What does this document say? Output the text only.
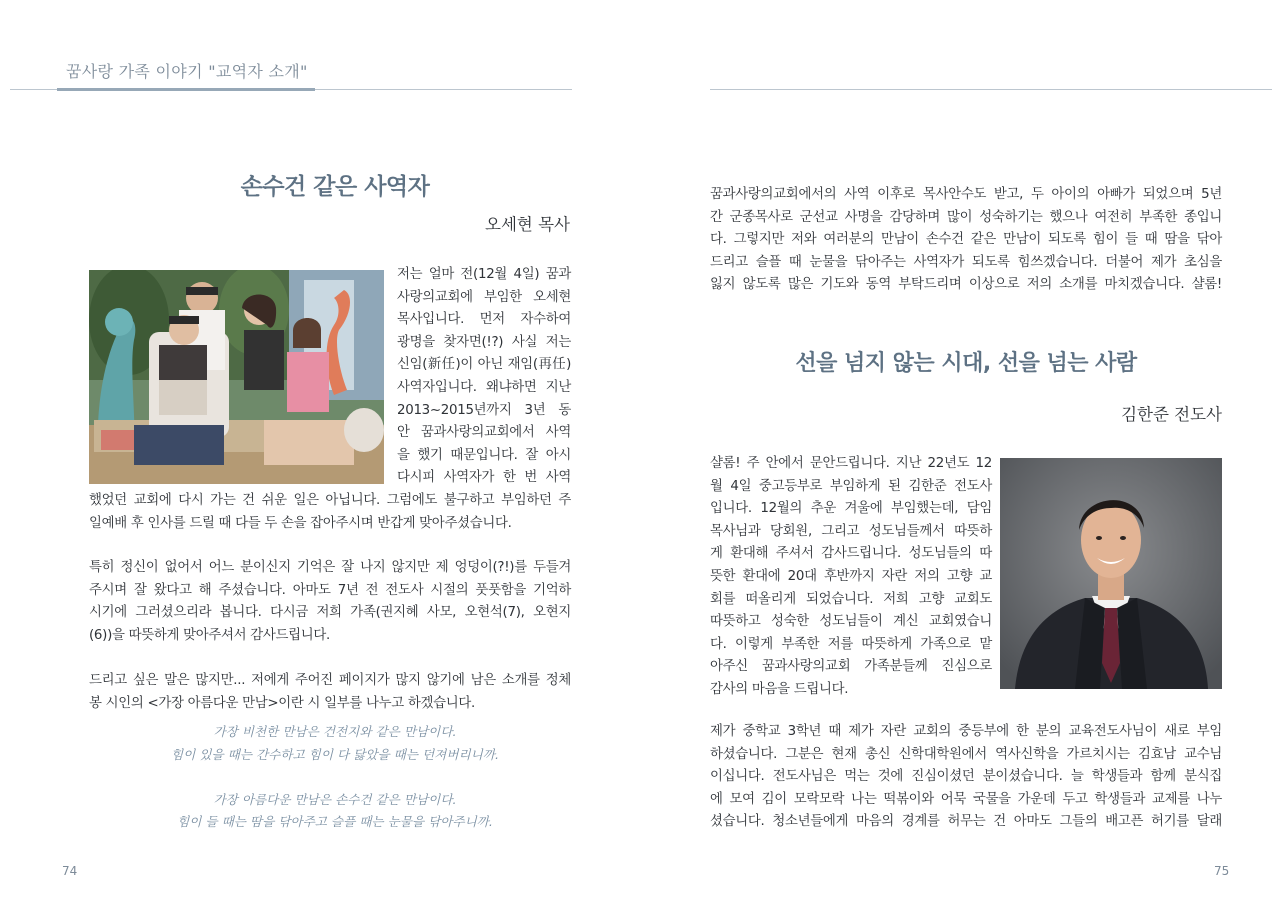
꿈사랑 가족 이야기 "교역자 소개"
손수건 같은 사역자
오세현 목사
저는 얼마 전(12월 4일) 꿈과
사랑의교회에 부임한 오세현
목사입니다. 먼저 자수하여
광명을 찾자면(!?) 사실 저는
신임(新任)이 아닌 재임(再任)
사역자입니다. 왜냐하면 지난
2013~2015년까지 3년 동
안 꿈과사랑의교회에서 사역
을 했기 때문입니다. 잘 아시
다시피 사역자가 한 번 사역
했었던 교회에 다시 가는 건 쉬운 일은 아닙니다. 그럼에도 불구하고 부임하던 주
일예배 후 인사를 드릴 때 다들 두 손을 잡아주시며 반갑게 맞아주셨습니다.
특히 정신이 없어서 어느 분이신지 기억은 잘 나지 않지만 제 엉덩이(?!)를 두들겨
주시며 잘 왔다고 해 주셨습니다. 아마도 7년 전 전도사 시절의 풋풋함을 기억하
시기에 그러셨으리라 봅니다. 다시금 저희 가족(권지혜 사모, 오현석(7), 오현지
(6))을 따뜻하게 맞아주셔서 감사드립니다.
드리고 싶은 말은 많지만... 저에게 주어진 페이지가 많지 않기에 남은 소개를 정체
봉 시인의 <가장 아름다운 만남>이란 시 일부를 나누고 하겠습니다.
가장 비천한 만남은 건전지와 같은 만남이다.
힘이 있을 때는 간수하고 힘이 다 닳았을 때는 던져버리니까.
가장 아름다운 만남은 손수건 같은 만남이다.
힘이 들 때는 땀을 닦아주고 슬플 때는 눈물을 닦아주니까.
74
꿈과사랑의교회에서의 사역 이후로 목사안수도 받고, 두 아이의 아빠가 되었으며 5년
간 군종목사로 군선교 사명을 감당하며 많이 성숙하기는 했으나 여전히 부족한 종입니
다. 그렇지만 저와 여러분의 만남이 손수건 같은 만남이 되도록 힘이 들 때 땀을 닦아
드리고 슬플 때 눈물을 닦아주는 사역자가 되도록 힘쓰겠습니다. 더불어 제가 초심을
잃지 않도록 많은 기도와 동역 부탁드리며 이상으로 저의 소개를 마치겠습니다. 샬롬!
선을 넘지 않는 시대, 선을 넘는 사람
김한준 전도사
샬롬! 주 안에서 문안드립니다. 지난 22년도 12
월 4일 중고등부로 부임하게 된 김한준 전도사
입니다. 12월의 추운 겨울에 부임했는데, 담임
목사님과 당회원, 그리고 성도님들께서 따뜻하
게 환대해 주셔서 감사드립니다. 성도님들의 따
뜻한 환대에 20대 후반까지 자란 저의 고향 교
회를 떠올리게 되었습니다. 저희 고향 교회도
따뜻하고 성숙한 성도님들이 계신 교회였습니
다. 이렇게 부족한 저를 따뜻하게 가족으로 맡
아주신 꿈과사랑의교회 가족분들께 진심으로
감사의 마음을 드립니다.
제가 중학교 3학년 때 제가 자란 교회의 중등부에 한 분의 교육전도사님이 새로 부임
하셨습니다. 그분은 현재 총신 신학대학원에서 역사신학을 가르치시는 김효남 교수님
이십니다. 전도사님은 먹는 것에 진심이셨던 분이셨습니다. 늘 학생들과 함께 분식집
에 모여 김이 모락모락 나는 떡볶이와 어묵 국물을 가운데 두고 학생들과 교제를 나누
셨습니다. 청소년들에게 마음의 경계를 허무는 건 아마도 그들의 배고픈 허기를 달래
75
